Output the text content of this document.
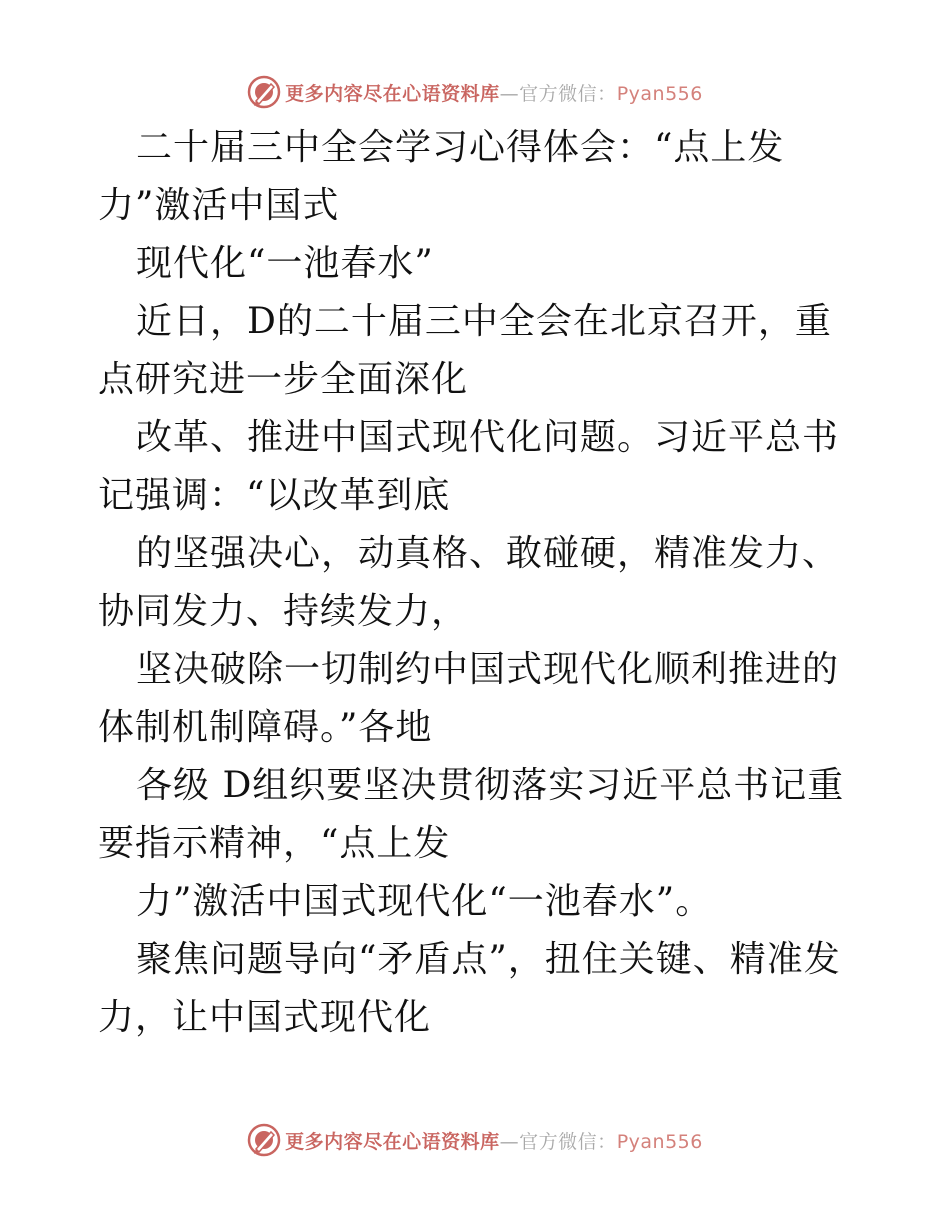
更多内容尽在心语资料库—官方微信：Pyan556

二十届三中全会学习心得体会：“点上发力”激活中国式

现代化“一池春水”

近日，D的二十届三中全会在北京召开，重点研究进一步全面深化

改革、推进中国式现代化问题。习近平总书记强调：“以改革到底

的坚强决心，动真格、敢碰硬，精准发力、协同发力、持续发力，

坚决破除一切制约中国式现代化顺利推进的体制机制障碍。”各地

各级 D组织要坚决贯彻落实习近平总书记重要指示精神，“点上发

力”激活中国式现代化“一池春水”。

聚焦问题导向“矛盾点”，扭住关键、精准发力，让中国式现代化

更多内容尽在心语资料库—官方微信：Pyan556
